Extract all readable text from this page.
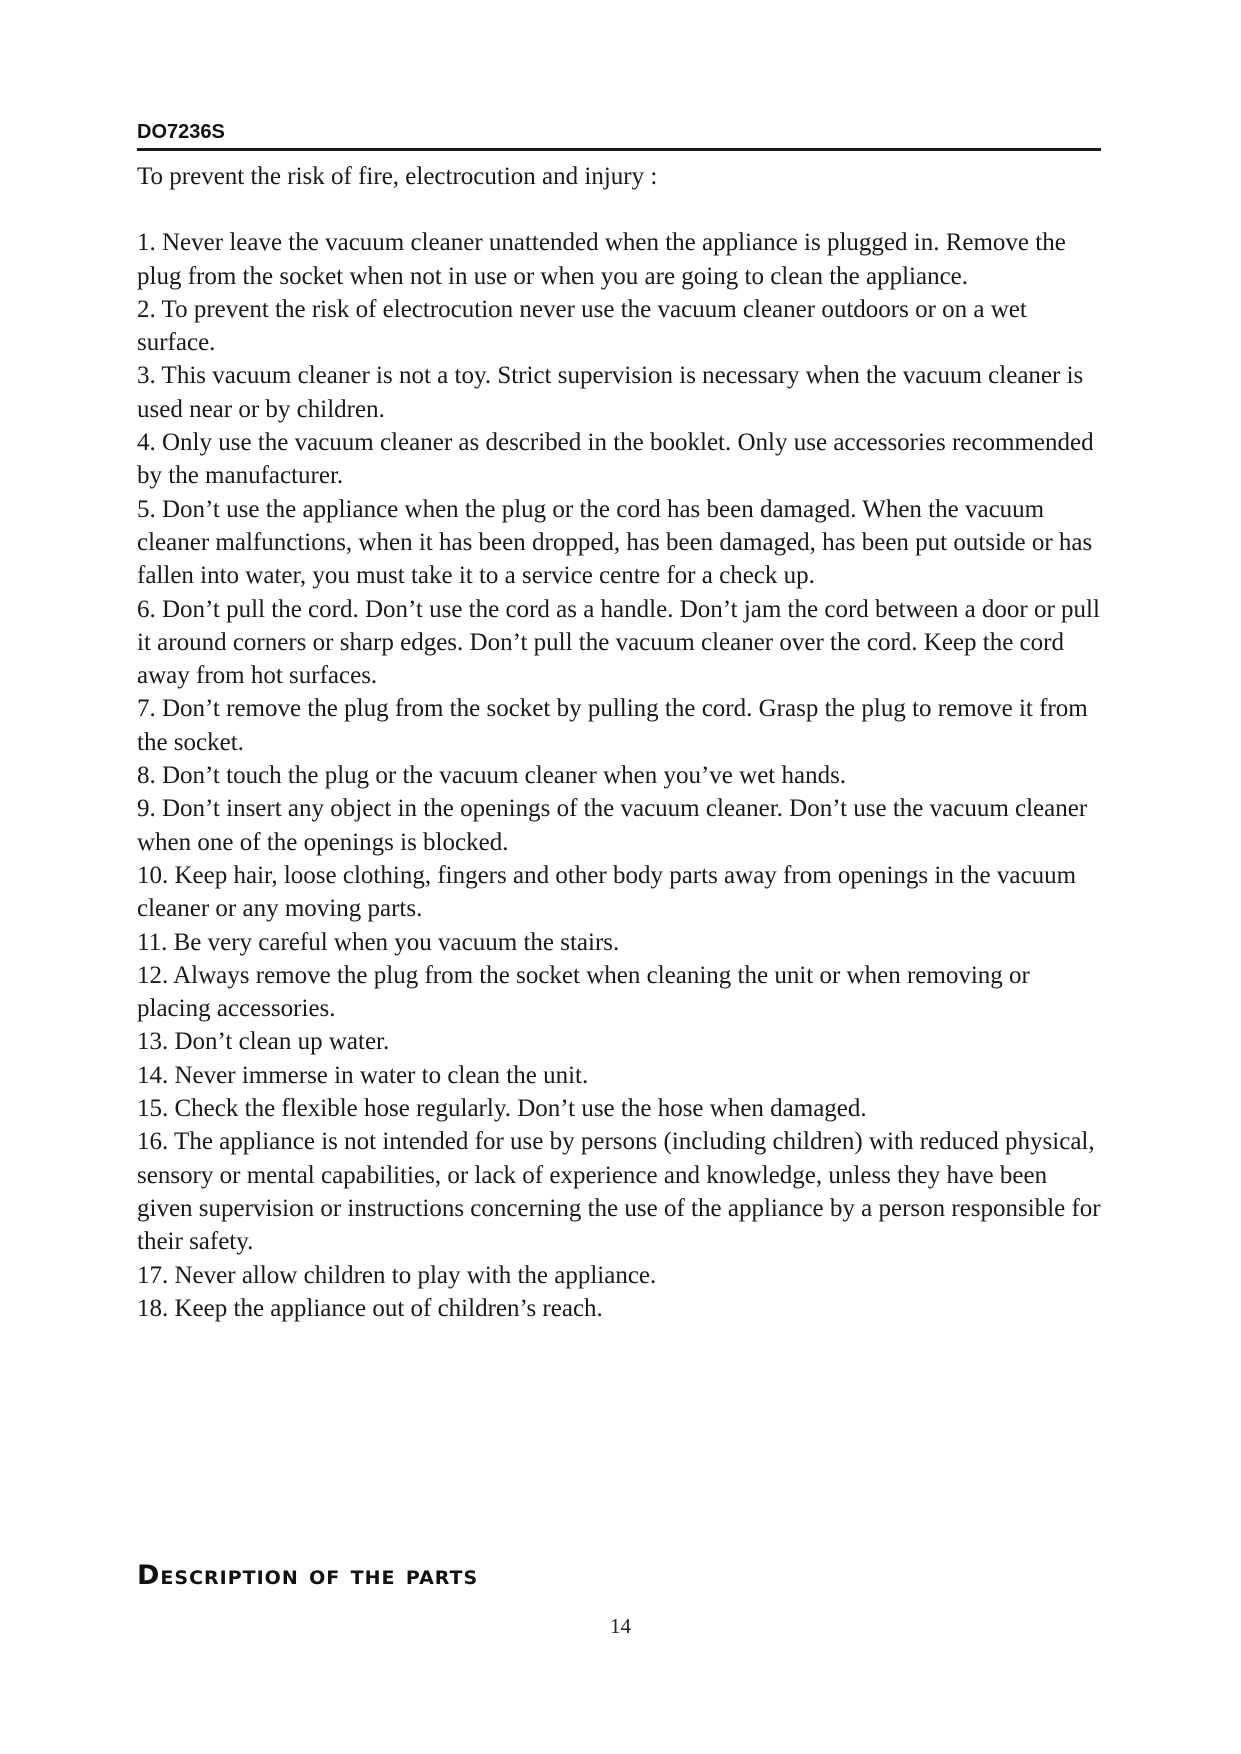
DO7236S

To prevent the risk of fire, electrocution and injury :

1. Never leave the vacuum cleaner unattended when the appliance is plugged in. Remove the plug from the socket when not in use or when you are going to clean the appliance.
2. To prevent the risk of electrocution never use the vacuum cleaner outdoors or on a wet surface.
3. This vacuum cleaner is not a toy. Strict supervision is necessary when the vacuum cleaner is used near or by children.
4. Only use the vacuum cleaner as described in the booklet. Only use accessories recommended by the manufacturer.
5. Don’t use the appliance when the plug or the cord has been damaged. When the vacuum cleaner malfunctions, when it has been dropped, has been damaged, has been put outside or has fallen into water, you must take it to a service centre for a check up.
6. Don’t pull the cord. Don’t use the cord as a handle. Don’t jam the cord between a door or pull it around corners or sharp edges. Don’t pull the vacuum cleaner over the cord. Keep the cord away from hot surfaces.
7. Don’t remove the plug from the socket by pulling the cord. Grasp the plug to remove it from the socket.
8. Don’t touch the plug or the vacuum cleaner when you’ve wet hands.
9. Don’t insert any object in the openings of the vacuum cleaner. Don’t use the vacuum cleaner when one of the openings is blocked.
10. Keep hair, loose clothing, fingers and other body parts away from openings in the vacuum cleaner or any moving parts.
11. Be very careful when you vacuum the stairs.
12. Always remove the plug from the socket when cleaning the unit or when removing or placing accessories.
13. Don’t clean up water.
14. Never immerse in water to clean the unit.
15. Check the flexible hose regularly. Don’t use the hose when damaged.
16. The appliance is not intended for use by persons (including children) with reduced physical, sensory or mental capabilities, or lack of experience and knowledge, unless they have been given supervision or instructions concerning the use of the appliance by a person responsible for their safety.
17. Never allow children to play with the appliance.
18. Keep the appliance out of children’s reach.
Description of the parts
14
